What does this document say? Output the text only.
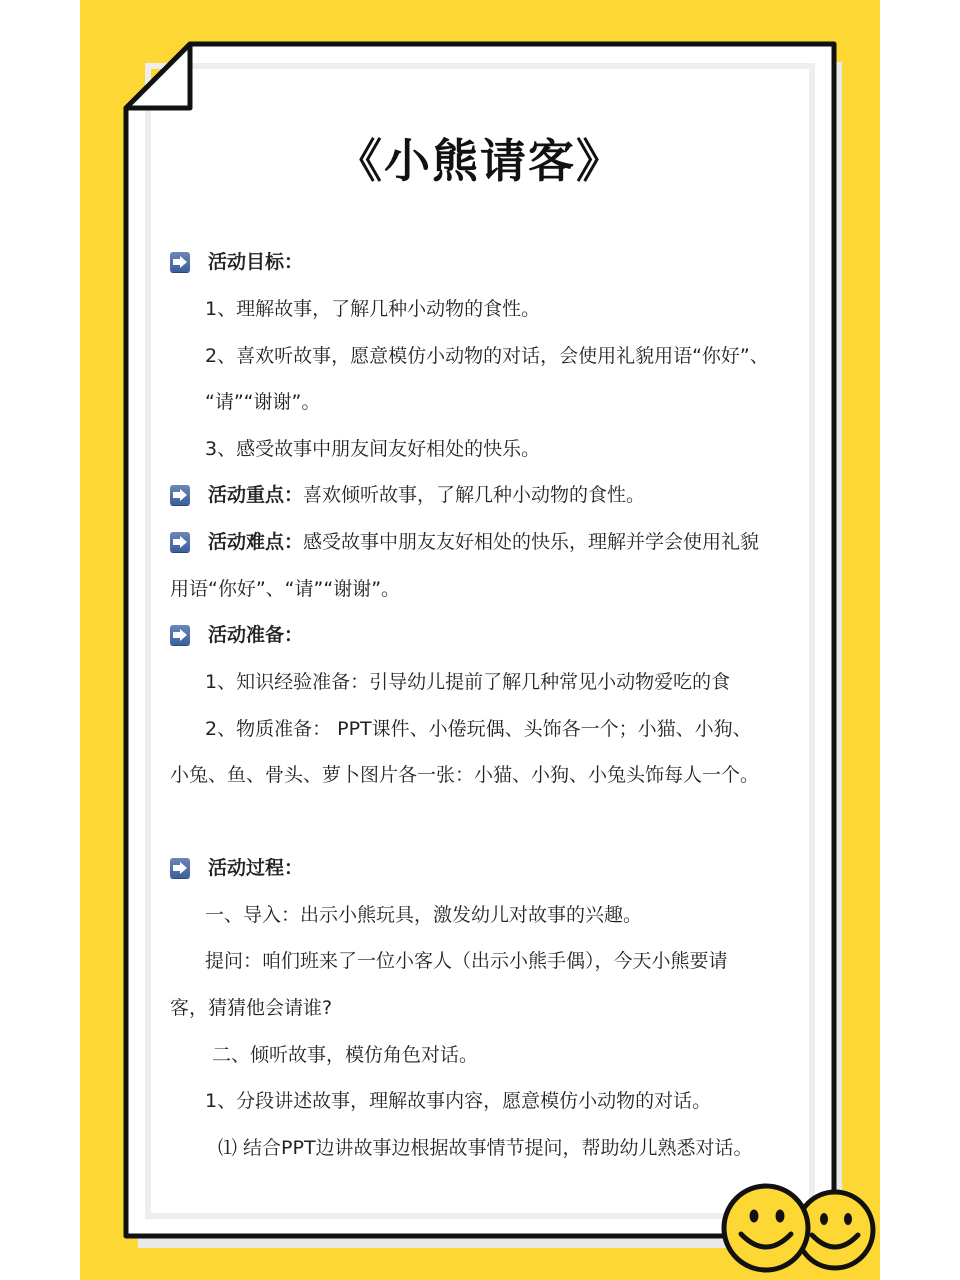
《小熊请客》
活动目标：
1、理解故事，了解几种小动物的食性。
2、喜欢听故事，愿意模仿小动物的对话，会使用礼貌用语“你好”、
“请”“谢谢”。
3、感受故事中朋友间友好相处的快乐。
活动重点：喜欢倾听故事，了解几种小动物的食性。
活动难点：感受故事中朋友友好相处的快乐，理解并学会使用礼貌
用语“你好”、“请”“谢谢”。
活动准备：
1、知识经验准备：引导幼儿提前了解几种常见小动物爱吃的食
2、物质准备： PPT课件、小倦玩偶、头饰各一个；小猫、小狗、
小兔、鱼、骨头、萝卜图片各一张：小猫、小狗、小兔头饰每人一个。
活动过程：
一、导入：出示小熊玩具，激发幼儿对故事的兴趣。
提问：咱们班来了一位小客人（出示小熊手偶），今天小熊要请
客，猜猜他会请谁?
二、倾听故事，模仿角色对话。
1、分段讲述故事，理解故事内容，愿意模仿小动物的对话。
⑴ 结合PPT边讲故事边根据故事情节提问，帮助幼儿熟悉对话。
